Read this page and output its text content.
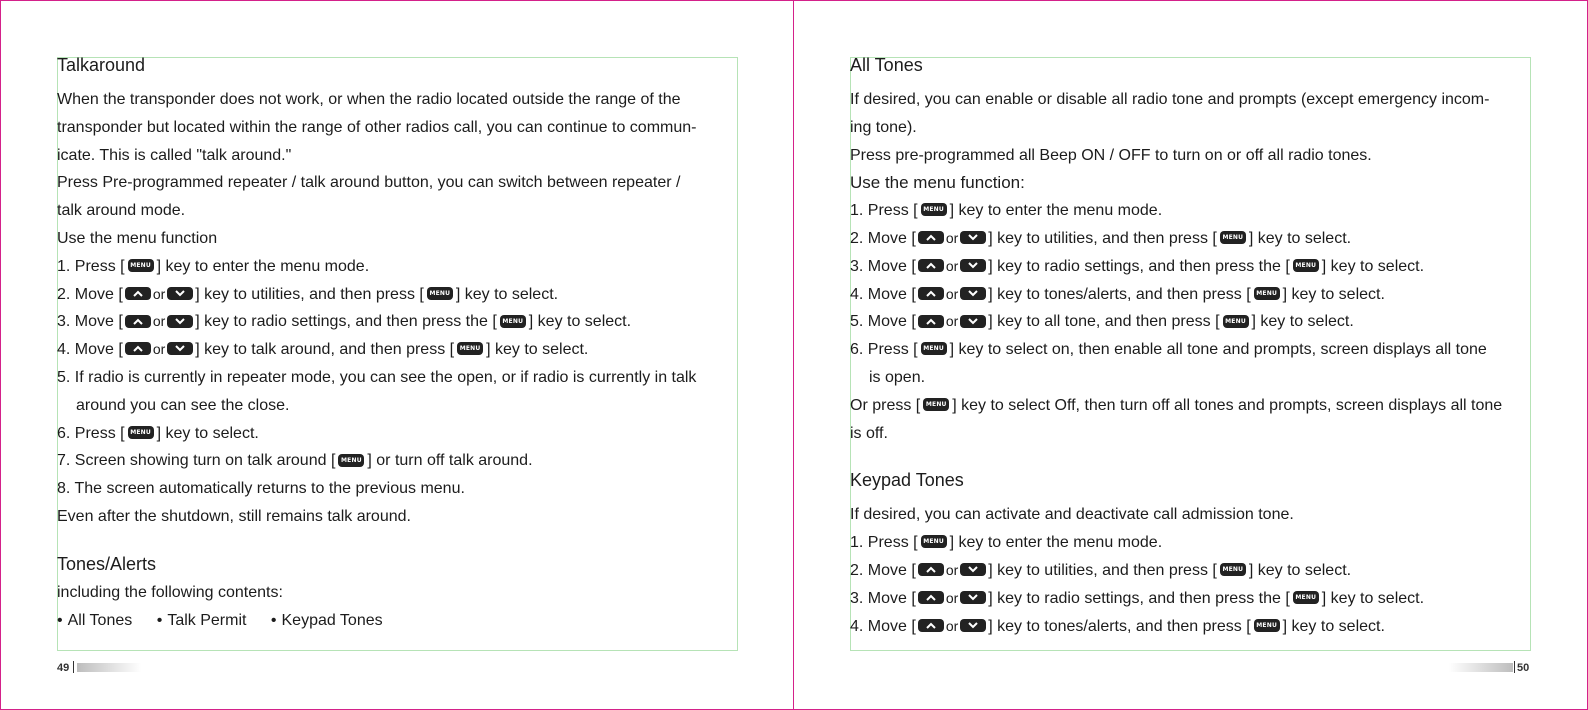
Talkaround
When the transponder does not work, or when the radio located outside the range of the
transponder but located within the range of other radios call, you can continue to commun-
icate. This is called "talk around."
Press Pre-programmed repeater / talk around button, you can switch between repeater /
talk around mode.
Use the menu function
1. Press [ MENU ] key to enter the menu mode.
2. Move [ or ] key to utilities, and then press [ MENU ] key to select.
3. Move [ or ] key to radio settings, and then press the [ MENU ] key to select.
4. Move [ or ] key to talk around, and then press [ MENU ] key to select.
5. If radio is currently in repeater mode, you can see the open, or if radio is currently in talk
around you can see the close.
6. Press [ MENU ] key to select.
7. Screen showing turn on talk around [ MENU ] or turn off talk around.
8. The screen automatically returns to the previous menu.
Even after the shutdown, still remains talk around.
Tones/Alerts
including the following contents:
• All Tones • Talk Permit • Keypad Tones
All Tones
If desired, you can enable or disable all radio tone and prompts (except emergency incom-
ing tone).
Press pre-programmed all Beep ON / OFF to turn on or off all radio tones.
Use the menu function:
1. Press [ MENU ] key to enter the menu mode.
2. Move [ or ] key to utilities, and then press [ MENU ] key to select.
3. Move [ or ] key to radio settings, and then press the [ MENU ] key to select.
4. Move [ or ] key to tones/alerts, and then press [ MENU ] key to select.
5. Move [ or ] key to all tone, and then press [ MENU ] key to select.
6. Press [ MENU ] key to select on, then enable all tone and prompts, screen displays all tone
is open.
Or press [ MENU ] key to select Off, then turn off all tones and prompts, screen displays all tone
is off.
Keypad Tones
If desired, you can activate and deactivate call admission tone.
1. Press [ MENU ] key to enter the menu mode.
2. Move [ or ] key to utilities, and then press [ MENU ] key to select.
3. Move [ or ] key to radio settings, and then press the [ MENU ] key to select.
4. Move [ or ] key to tones/alerts, and then press [ MENU ] key to select.
49	50
